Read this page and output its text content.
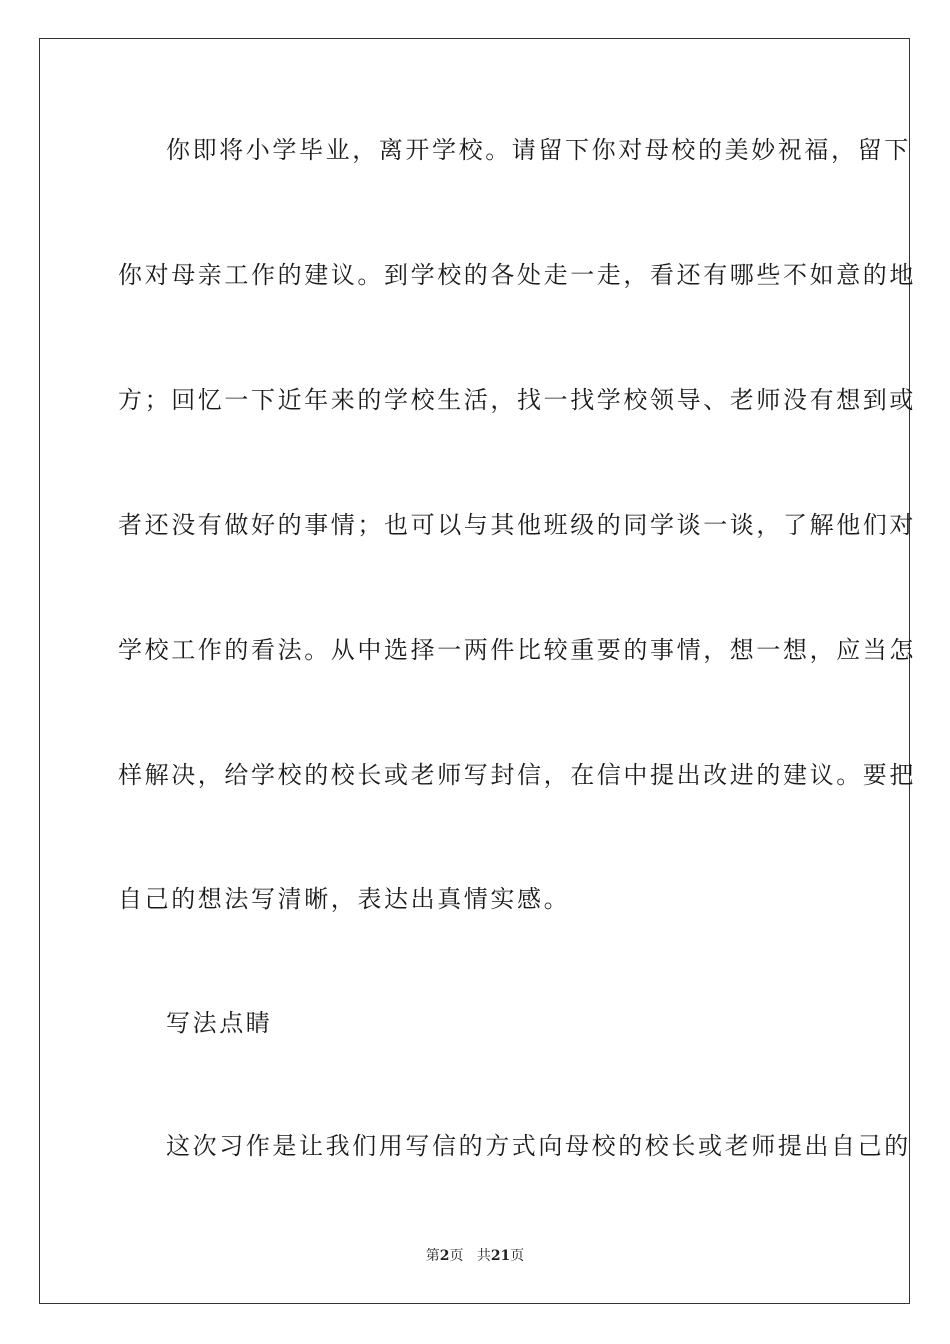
你即将小学毕业，离开学校。请留下你对母校的美妙祝福，留下
你对母亲工作的建议。到学校的各处走一走，看还有哪些不如意的地
方；回忆一下近年来的学校生活，找一找学校领导、老师没有想到或
者还没有做好的事情；也可以与其他班级的同学谈一谈，了解他们对
学校工作的看法。从中选择一两件比较重要的事情，想一想，应当怎
样解决，给学校的校长或老师写封信，在信中提出改进的建议。要把
自己的想法写清晰，表达出真情实感。
写法点睛
这次习作是让我们用写信的方式向母校的校长或老师提出自己的
第2页 共21页
